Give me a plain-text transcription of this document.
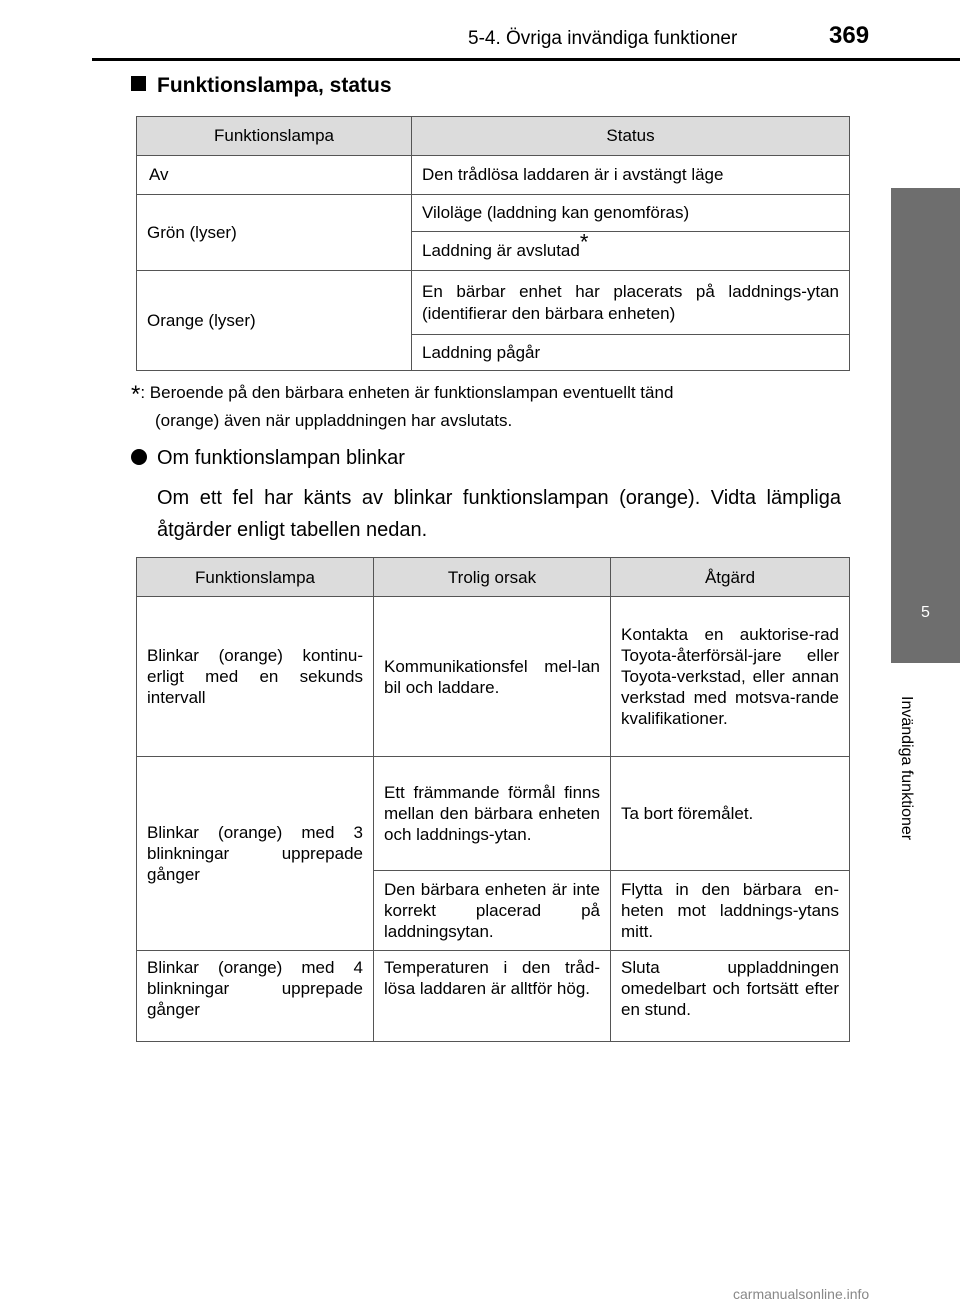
5-4. Övriga invändiga funktioner	369
5
Invändiga funktioner
Funktionslampa, status
Funktionslampa	Status
Av	Den trådlösa laddaren är i avstängt läge
Grön (lyser)	Viloläge (laddning kan genomföras)
	Laddning är avslutad*
Orange (lyser)	En bärbar enhet har placerats på laddnings-ytan (identifierar den bärbara enheten)
	Laddning pågår
*: Beroende på den bärbara enheten är funktionslampan eventuellt tänd
(orange) även när uppladdningen har avslutats.
Om funktionslampan blinkar
Om ett fel har känts av blinkar funktionslampan (orange). Vidta lämpliga åtgärder enligt tabellen nedan.
Funktionslampa	Trolig orsak	Åtgärd
Blinkar (orange) kontinu-erligt med en sekunds intervall	Kommunikationsfel mel-lan bil och laddare.	Kontakta en auktorise-rad Toyota-återförsäl-jare eller Toyota-verkstad, eller annan verkstad med motsva-rande kvalifikationer.
Blinkar (orange) med 3 blinkningar upprepade gånger	Ett främmande förmål finns mellan den bärbara enheten och laddnings-ytan.	Ta bort föremålet.
	Den bärbara enheten är inte korrekt placerad på laddningsytan.	Flytta in den bärbara en-heten mot laddnings-ytans mitt.
Blinkar (orange) med 4 blinkningar upprepade gånger	Temperaturen i den tråd-lösa laddaren är alltför hög.	Sluta uppladdningen omedelbart och fortsätt efter en stund.
carmanualsonline.info
